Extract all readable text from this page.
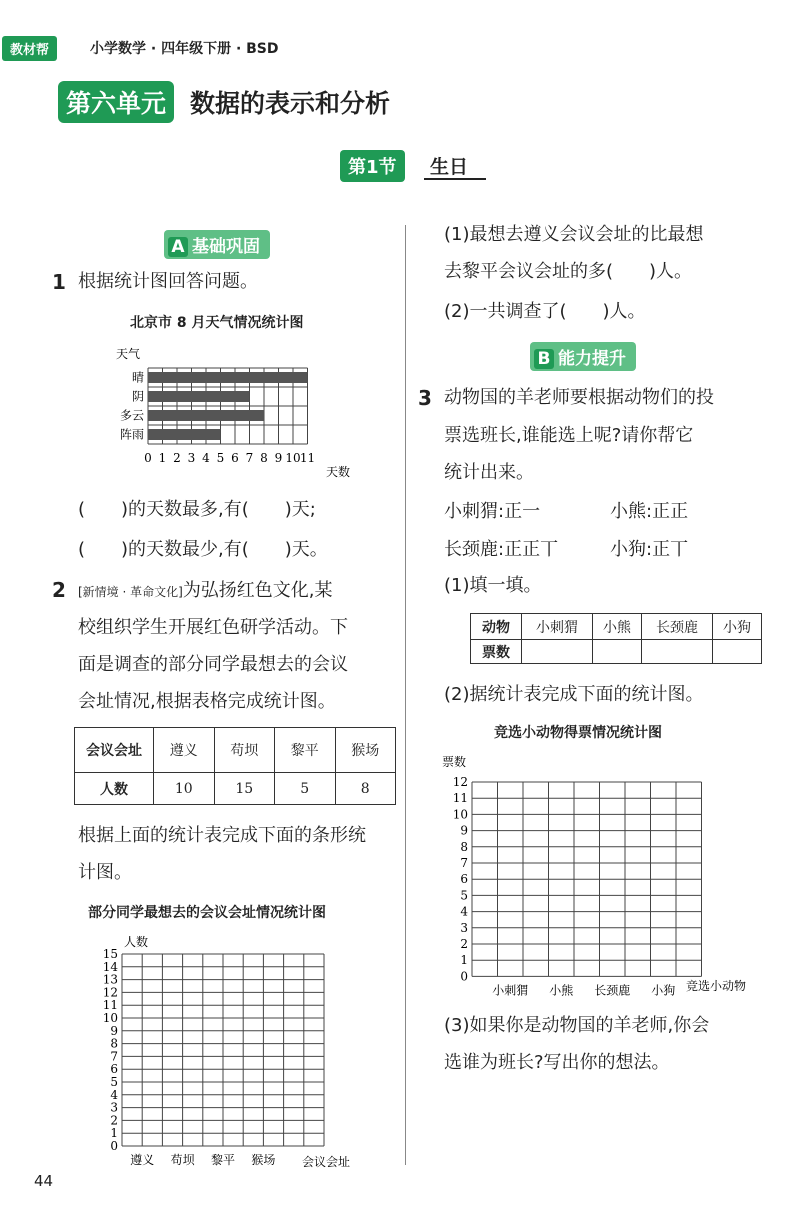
教材帮	小学数学 · 四年级下册 · BSD
第六单元 数据的表示和分析
第1节	生日
A 基础巩固
1 根据统计图回答问题。
北京市 8 月天气情况统计图
天气
天数
晴
阴
多云
阵雨
0 1 2 3 4 5 6 7 8 9 10 11
(　　)的天数最多,有(　　)天;
(　　)的天数最少,有(　　)天。
2 [新情境 · 革命文化]为弘扬红色文化,某
校组织学生开展红色研学活动。下
面是调查的部分同学最想去的会议
会址情况,根据表格完成统计图。
会议会址	遵义	苟坝	黎平	猴场
人数	10	15	5	8
根据上面的统计表完成下面的条形统
计图。
部分同学最想去的会议会址情况统计图
人数
会议会址
0
1
2
3
4
5
6
7
8
9
10
11
12
13
14
15
遵义 苟坝 黎平 猴场
(1)最想去遵义会议会址的比最想
去黎平会议会址的多(　　)人。
(2)一共调查了(　　)人。
B 能力提升
3 动物国的羊老师要根据动物们的投
票选班长,谁能选上呢?请你帮它
统计出来。
小刺猬:正一	小熊:正正
长颈鹿:正正丅	小狗:正丅
(1)填一填。
动物	小刺猬	小熊	长颈鹿	小狗
票数				
(2)据统计表完成下面的统计图。
竞选小动物得票情况统计图
票数
竞选小动物
0
1
2
3
4
5
6
7
8
9
10
11
12
小刺猬 小熊 长颈鹿 小狗
(3)如果你是动物国的羊老师,你会
选谁为班长?写出你的想法。
44
